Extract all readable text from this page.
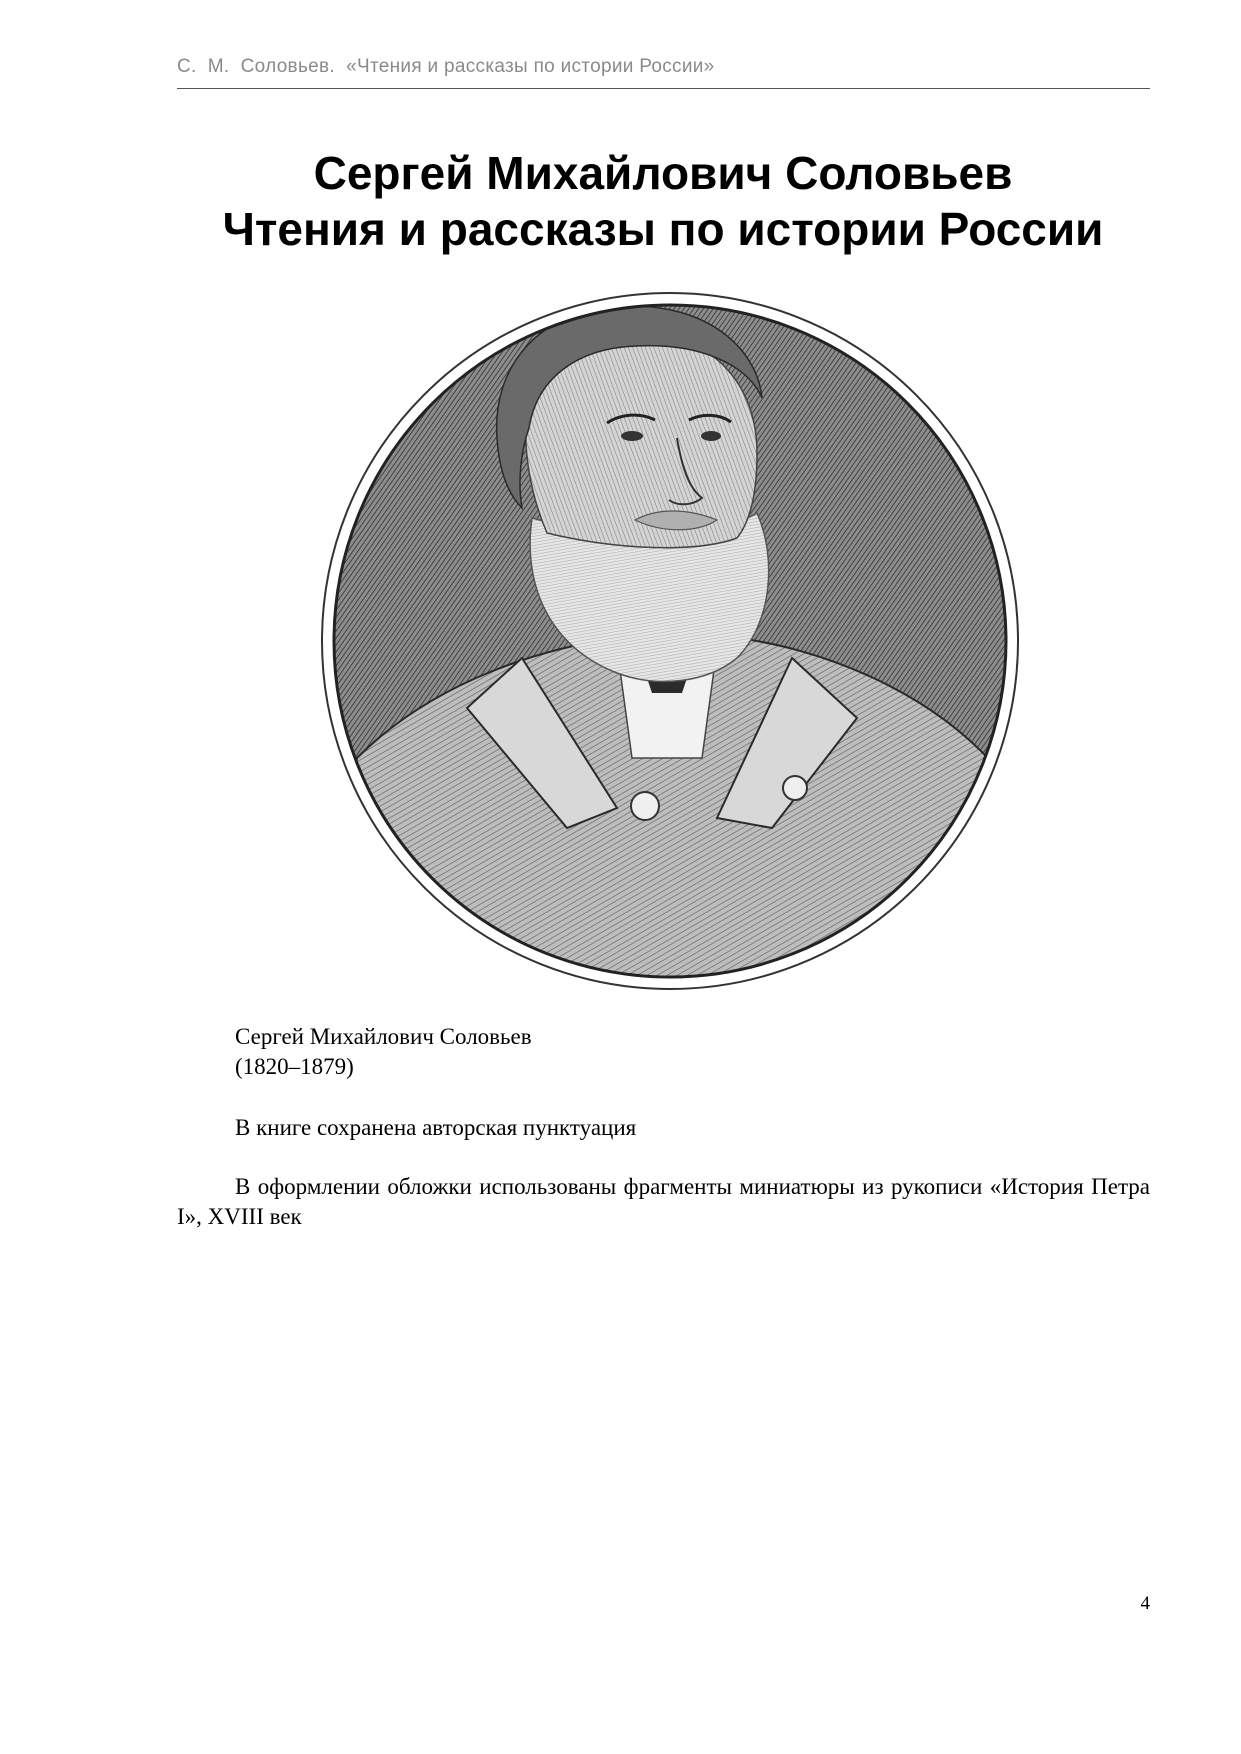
С.  М.  Соловьев.  «Чтения и рассказы по истории России»
Сергей Михайлович Соловьев
Чтения и рассказы по истории России
Сергей Михайлович Соловьев
(1820–1879)
В книге сохранена авторская пунктуация
В оформлении обложки использованы фрагменты миниатюры из рукописи «История Петра I», XVIII век
4
